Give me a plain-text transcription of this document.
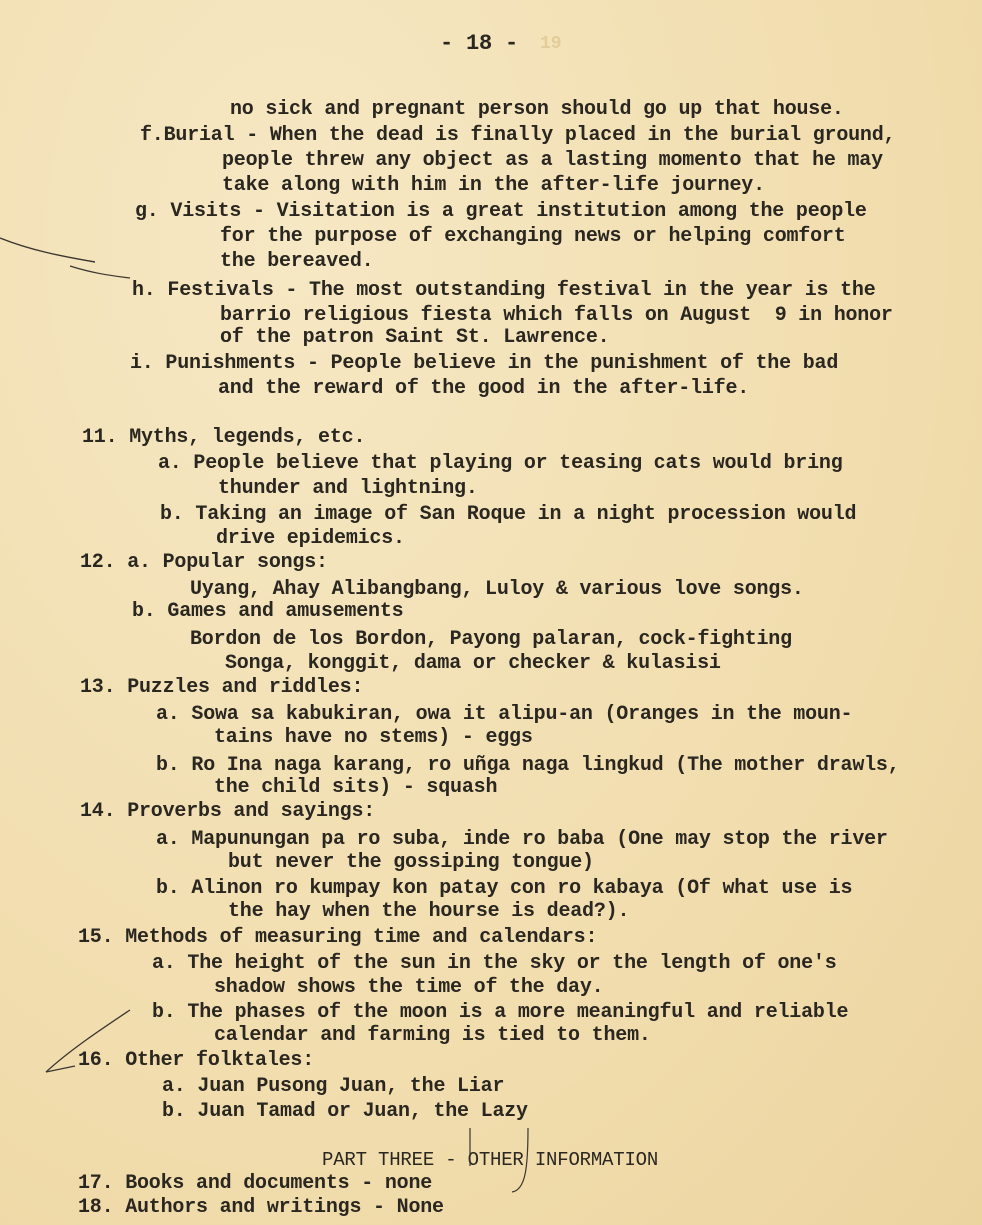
19
- 18 -
no sick and pregnant person should go up that house.
f.Burial - When the dead is finally placed in the burial ground,
people threw any object as a lasting momento that he may
take along with him in the after-life journey.
g. Visits - Visitation is a great institution among the people
for the purpose of exchanging news or helping comfort
the bereaved.
h. Festivals - The most outstanding festival in the year is the
barrio religious fiesta which falls on August  9 in honor
of the patron Saint St. Lawrence.
i. Punishments - People believe in the punishment of the bad
and the reward of the good in the after-life.
11. Myths, legends, etc.
a. People believe that playing or teasing cats would bring
thunder and lightning.
b. Taking an image of San Roque in a night procession would
drive epidemics.
12. a. Popular songs:
Uyang, Ahay Alibangbang, Luloy & various love songs.
b. Games and amusements
Bordon de los Bordon, Payong palaran, cock-fighting
Songa, konggit, dama or checker & kulasisi
13. Puzzles and riddles:
a. Sowa sa kabukiran, owa it alipu-an (Oranges in the moun-
tains have no stems) - eggs
b. Ro Ina naga karang, ro uñga naga lingkud (The mother drawls,
the child sits) - squash
14. Proverbs and sayings:
a. Mapunungan pa ro suba, inde ro baba (One may stop the river
but never the gossiping tongue)
b. Alinon ro kumpay kon patay con ro kabaya (Of what use is
the hay when the hourse is dead?).
15. Methods of measuring time and calendars:
a. The height of the sun in the sky or the length of one's
shadow shows the time of the day.
b. The phases of the moon is a more meaningful and reliable
calendar and farming is tied to them.
16. Other folktales:
a. Juan Pusong Juan, the Liar
b. Juan Tamad or Juan, the Lazy
PART THREE - OTHER INFORMATION
17. Books and documents - none
18. Authors and writings - None
